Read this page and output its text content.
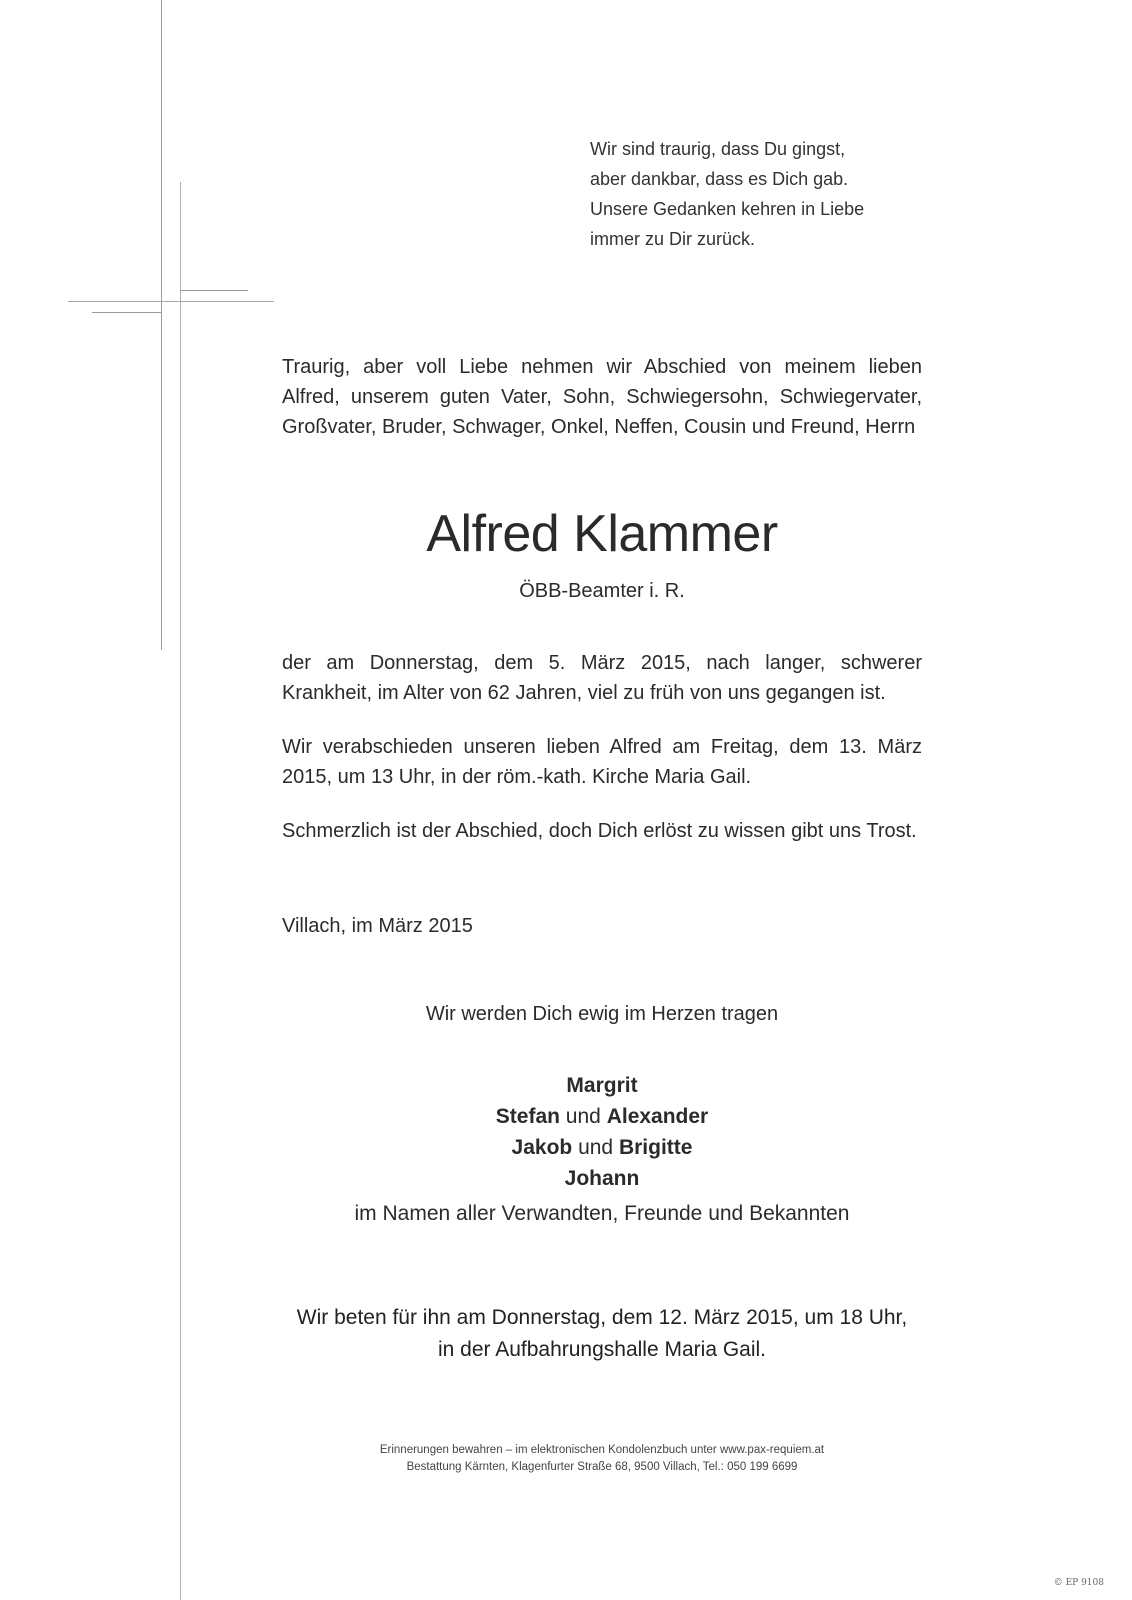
Wir sind traurig, dass Du gingst,
aber dankbar, dass es Dich gab.
Unsere Gedanken kehren in Liebe
immer zu Dir zurück.
Traurig, aber voll Liebe nehmen wir Abschied von meinem lieben
Alfred, unserem guten Vater, Sohn, Schwiegersohn, Schwiegervater,
Großvater, Bruder, Schwager, Onkel, Neffen, Cousin und Freund, Herrn
Alfred Klammer
ÖBB-Beamter i. R.
der am Donnerstag, dem 5. März 2015, nach langer, schwerer Krankheit, im Alter von 62 Jahren, viel zu früh von uns gegangen ist.
Wir verabschieden unseren lieben Alfred am Freitag, dem 13. März 2015, um 13 Uhr, in der röm.-kath. Kirche Maria Gail.
Schmerzlich ist der Abschied, doch Dich erlöst zu wissen gibt uns Trost.
Villach, im März 2015
Wir werden Dich ewig im Herzen tragen
Margrit
Stefan und Alexander
Jakob und Brigitte
Johann
im Namen aller Verwandten, Freunde und Bekannten
Wir beten für ihn am Donnerstag, dem 12. März 2015, um 18 Uhr,
in der Aufbahrungshalle Maria Gail.
Erinnerungen bewahren – im elektronischen Kondolenzbuch unter www.pax-requiem.at
Bestattung Kärnten, Klagenfurter Straße 68, 9500 Villach, Tel.: 050 199 6699
© EP 9108
